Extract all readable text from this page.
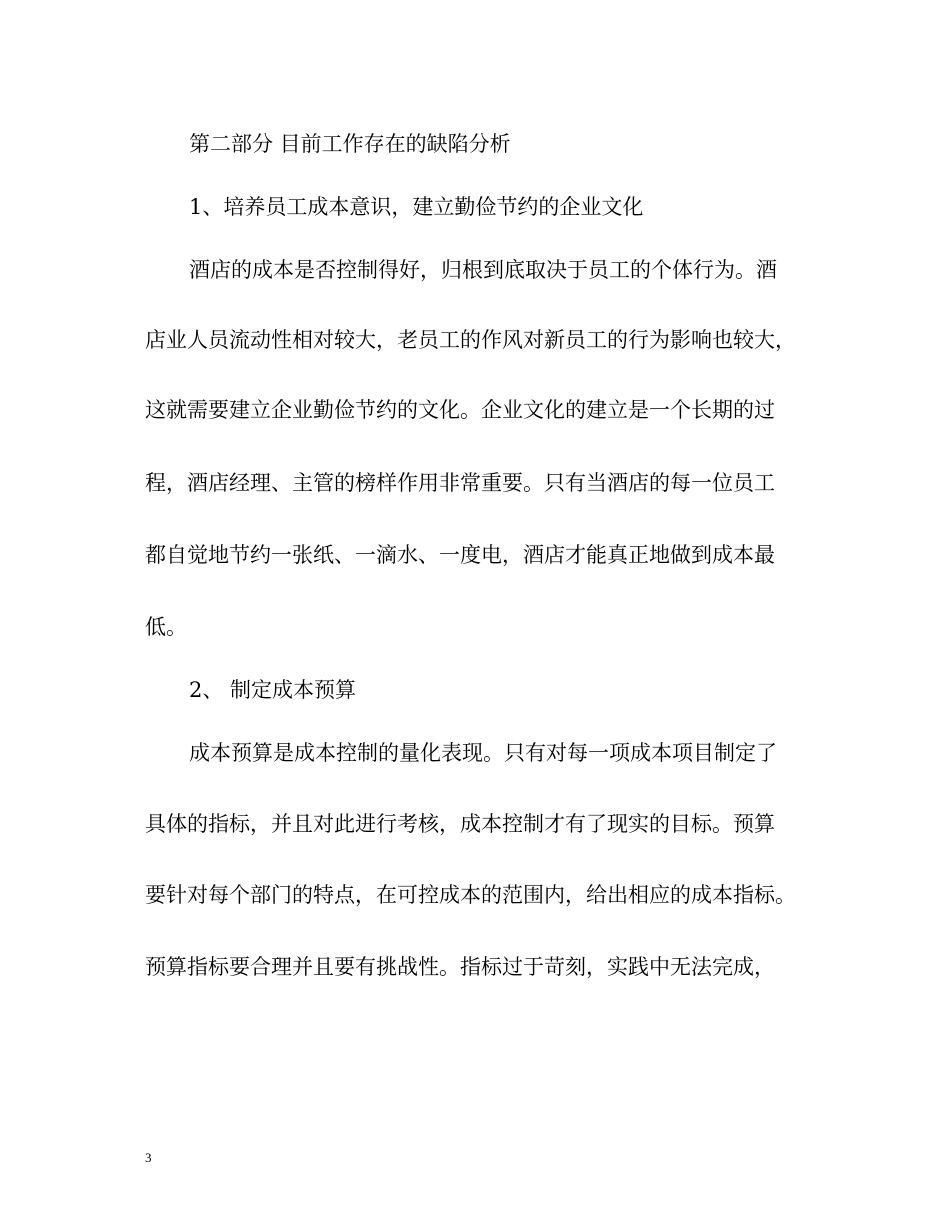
第二部分 目前工作存在的缺陷分析
1、培养员工成本意识，建立勤俭节约的企业文化
酒店的成本是否控制得好，归根到底取决于员工的个体行为。酒
店业人员流动性相对较大，老员工的作风对新员工的行为影响也较大，
这就需要建立企业勤俭节约的文化。企业文化的建立是一个长期的过
程，酒店经理、主管的榜样作用非常重要。只有当酒店的每一位员工
都自觉地节约一张纸、一滴水、一度电，酒店才能真正地做到成本最
低。
2、 制定成本预算
成本预算是成本控制的量化表现。只有对每一项成本项目制定了
具体的指标，并且对此进行考核，成本控制才有了现实的目标。预算
要针对每个部门的特点，在可控成本的范围内，给出相应的成本指标。
预算指标要合理并且要有挑战性。指标过于苛刻，实践中无法完成，
3
